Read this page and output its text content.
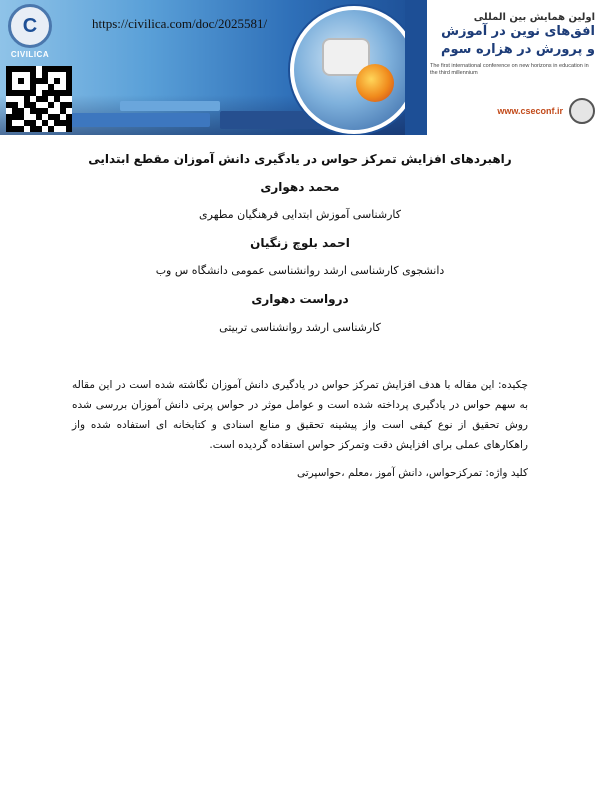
C
CIVILICA
https://civilica.com/doc/2025581/	اولین همایش بین المللی
افق‌های نوین در آموزش
و پرورش در هزاره سوم
The first international conference on new horizons in education in the third millennium
www.cseconf.ir
راهبردهای افزایش تمرکز حواس در یادگیری دانش آموزان مقطع ابتدایی
محمد دهواری
کارشناسی آموزش ابتدایی فرهنگیان مطهری
احمد بلوچ زنگیان
دانشجوی کارشناسی ارشد روانشناسی عمومی دانشگاه س وب
درواست دهواری
کارشناسی ارشد روانشناسی تربیتی
چکیده: این مقاله با هدف افزایش تمرکز حواس در یادگیری دانش آموزان نگاشته شده است در این مقاله به سهم حواس در یادگیری پرداخته شده است و عوامل موثر در حواس پرتی دانش آموزان بررسی شده روش تحقیق از نوع کیفی است واز پیشینه تحقیق و منابع اسنادی و کتابخانه ای استفاده شده واز راهکارهای عملی برای افزایش دقت وتمرکز حواس استفاده گردیده است.
کلید واژه: تمرکزحواس، دانش آموز ،معلم ،حواسپرتی
